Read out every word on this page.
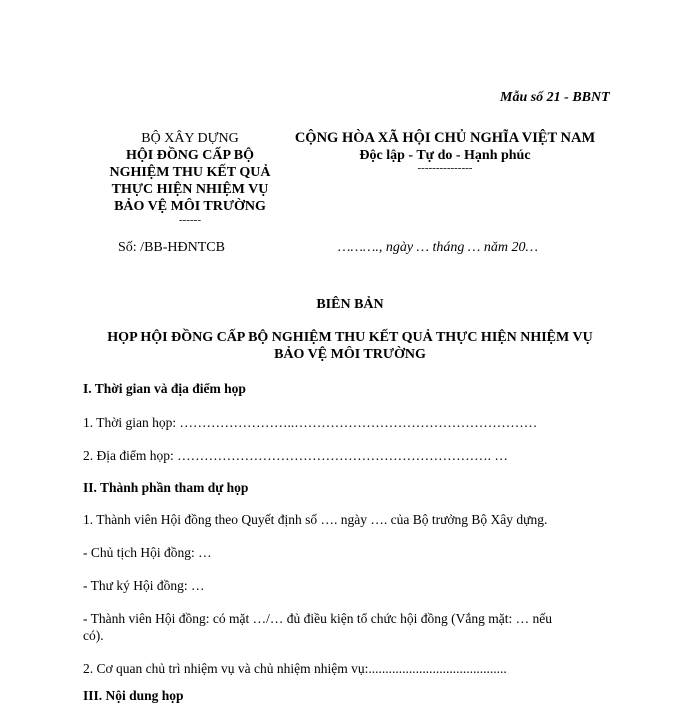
Mẫu số 21 - BBNT
BỘ XÂY DỰNG
HỘI ĐỒNG CẤP BỘ
NGHIỆM THU KẾT QUẢ
THỰC HIỆN NHIỆM VỤ
BẢO VỆ MÔI TRƯỜNG
------
Số: /BB-HĐNTCB
CỘNG HÒA XÃ HỘI CHỦ NGHĨA VIỆT NAM
Độc lập - Tự do - Hạnh phúc
---------------
………., ngày … tháng … năm 20…
BIÊN BẢN
HỌP HỘI ĐỒNG CẤP BỘ NGHIỆM THU KẾT QUẢ THỰC HIỆN NHIỆM VỤ
BẢO VỆ MÔI TRƯỜNG
I. Thời gian và địa điểm họp
1. Thời gian họp: ……………………..………………………………………………
2. Địa điểm họp: ……………………………………………………………. …
II. Thành phần tham dự họp
1. Thành viên Hội đồng theo Quyết định số …. ngày …. của Bộ trưởng Bộ Xây dựng.
- Chủ tịch Hội đồng: …
- Thư ký Hội đồng: …
- Thành viên Hội đồng: có mặt …/… đủ điều kiện tổ chức hội đồng (Vắng mặt: … nếu
có).
2. Cơ quan chủ trì nhiệm vụ và chủ nhiệm nhiệm vụ:.........................................
III. Nội dung họp
